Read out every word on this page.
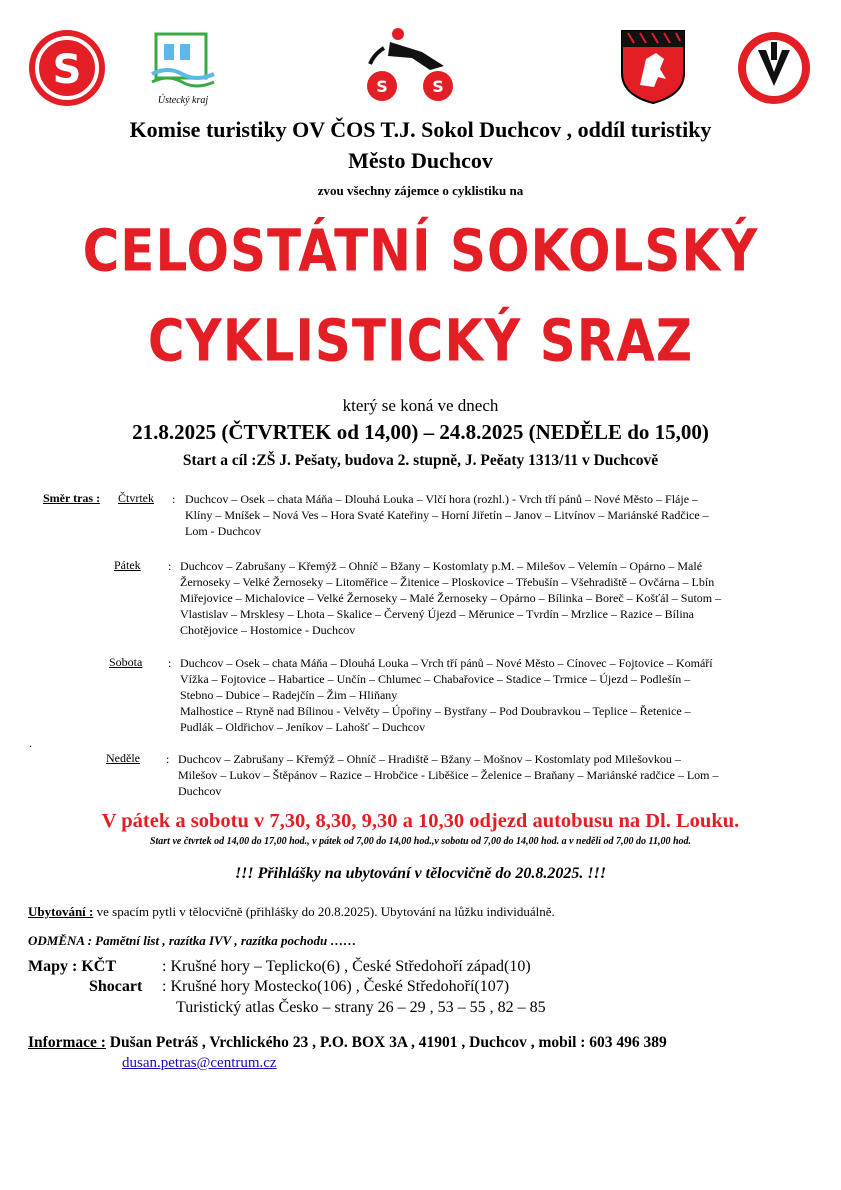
S
Ústecký kraj
S	S
Komise turistiky OV ČOS T.J. Sokol Duchcov , oddíl turistiky
Město Duchcov
zvou všechny zájemce o cyklistiku na
CELOSTÁTNÍ SOKOLSKÝ
CYKLISTICKÝ SRAZ
který se koná ve dnech
21.8.2025 (ČTVRTEK od 14,00) – 24.8.2025 (NEDĚLE do 15,00)
Start a cíl :ZŠ J. Pešaty, budova 2. stupně, J. Peěaty 1313/11 v Duchcově
Směr tras : Čtvrtek : Duchcov – Osek – chata Máňa – Dlouhá Louka – Vlčí hora (rozhl.) - Vrch tří pánů – Nové Město – Fláje –
Klíny – Mníšek – Nová Ves – Hora Svaté Kateřiny – Horní Jiřetín – Janov – Litvínov – Mariánské Radčice –
Lom - Duchcov
Pátek : Duchcov – Zabrušany – Křemýž – Ohníč – Bžany – Kostomlaty p.M. – Milešov – Velemín – Opárno – Malé
Žernoseky – Velké Žernoseky – Litoměřice – Žitenice – Ploskovice – Třebušín – Všehradiště – Ovčárna – Lbín
Miřejovice – Michalovice – Velké Žernoseky – Malé Žernoseky – Opárno – Bílinka – Boreč – Košťál – Sutom –
Vlastislav – Mrsklesy – Lhota – Skalice – Červený Újezd – Měrunice – Tvrdín – Mrzlice – Razice – Bílina
Chotějovice – Hostomice - Duchcov
Sobota : Duchcov – Osek – chata Máňa – Dlouhá Louka – Vrch tří pánů – Nové Město – Cínovec – Fojtovice – Komáří
Vížka – Fojtovice – Habartice – Unčín – Chlumec – Chabařovice – Stadice – Trmice – Újezd – Podlešín –
Stebno – Dubice – Radejčín – Žim – Hliňany
Malhostice – Rtyně nad Bílinou - Velvěty – Úpořiny – Bystřany – Pod Doubravkou – Teplice – Řetenice –
Pudlák – Oldřichov – Jeníkov – Lahošť – Duchcov
.
Neděle : Duchcov – Zabrušany – Křemýž – Ohníč – Hradiště – Bžany – Mošnov – Kostomlaty pod Milešovkou –
Milešov – Lukov – Štěpánov – Razice – Hrobčice - Liběšice – Želenice – Braňany – Mariánské radčice – Lom –
Duchcov
V pátek a sobotu v 7,30, 8,30, 9,30 a 10,30 odjezd autobusu na Dl. Louku.
Start ve čtvrtek od 14,00 do 17,00 hod., v pátek od 7,00 do 14,00 hod.,v sobotu od 7,00 do 14,00 hod. a v neděli od 7,00 do 11,00 hod.
!!! Přihlášky na ubytování v tělocvičně do 20.8.2025. !!!
Ubytování : ve spacím pytli v tělocvičně (přihlášky do 20.8.2025). Ubytování na lůžku individuálně.
ODMĚNA : Pamětní list , razítka IVV , razítka pochodu ……
Mapy : KČT	: Krušné hory – Teplicko(6) , České Středohoří západ(10)
Shocart : Krušné hory Mostecko(106) , České Středohoří(107)
Turistický atlas Česko – strany 26 – 29 , 53 – 55 , 82 – 85
Informace : Dušan Petráš , Vrchlického 23 , P.O. BOX 3A , 41901 , Duchcov , mobil : 603 496 389
dusan.petras@centrum.cz
